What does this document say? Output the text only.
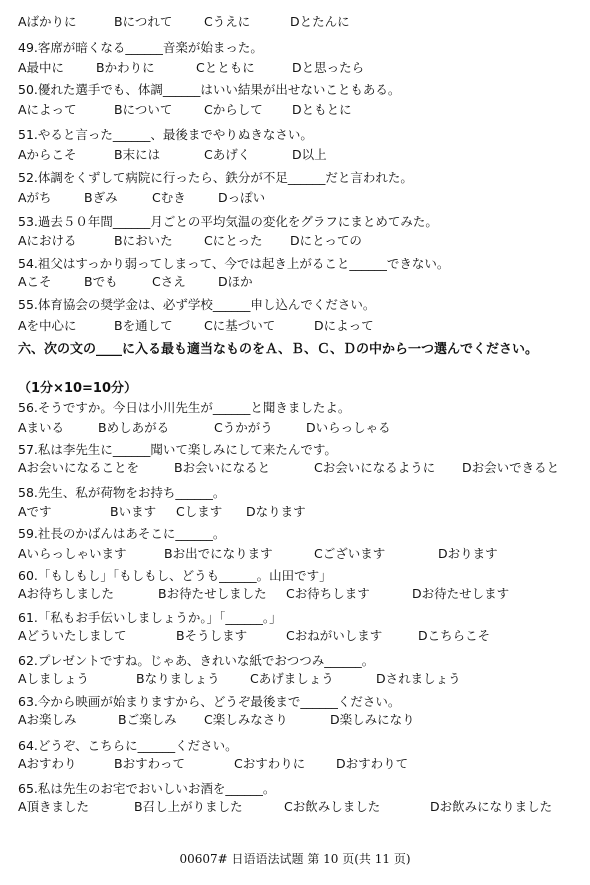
Aばかりに	Bにつれて	Cうえに	Dとたんに
49.客席が暗くなる______音楽が始まった。
A最中に	Bかわりに	Cとともに	Dと思ったら
50.優れた選手でも、体調______はいい結果が出せないこともある。
Aによって	Bについて	Cからして Dともとに
51.やると言った______、最後までやりぬきなさい。
Aからこそ	B末には	Cあげく	D以上
52.体調をくずして病院に行ったら、鉄分が不足______だと言われた。
Aがち	Bぎみ	Cむき	Dっぽい
53.過去５０年間______月ごとの平均気温の変化をグラフにまとめてみた。
Aにおける	Bにおいた	Cにとった Dにとっての
54.祖父はすっかり弱ってしまって、今では起き上がること______できない。
Aこそ	Bでも	Cさえ	Dほか
55.体育協会の奨学金は、必ず学校______申し込んでください。
Aを中心に	Bを通して	Cに基づいて	Dによって
六、次の文の____に入る最も適当なものをＡ、Ｂ、Ｃ、Ｄの中から一つ選んでください。
（1分×10=10分）
56.そうですか。今日は小川先生が______と聞きましたよ。
Aまいる	Bめしあがる	Cうかがう	Dいらっしゃる
57.私は李先生に______聞いて楽しみにして来たんです。
Aお会いになることを	Bお会いになると	Cお会いになるように Dお会いできると
58.先生、私が荷物をお持ち______。
Aです	Bいます Cします Dなります
59.社長のかばんはあそこに______。
Aいらっしゃいます	Bお出でになります	Cございます	Dおります
60.「もしもし」「もしもし、どうも______。山田です」
Aお待ちしました	Bお待たせしました Cお待ちします	Dお待たせします
61.「私もお手伝いしましょうか。」「______。」
Aどういたしまして	Bそうします	Cおねがいします	Dこちらこそ
62.プレゼントですね。じゃあ、きれいな紙でおつつみ______。
Aしましょう	Bなりましょう Cあげましょう	Dされましょう
63.今から映画が始まりますから、どうぞ最後まで______ください。
Aお楽しみ	Bご楽しみ C楽しみなさり	D楽しみになり
64.どうぞ、こちらに______ください。
Aおすわり	Bおすわって	Cおすわりに Dおすわりて
65.私は先生のお宅でおいしいお酒を______。
A頂きました	B召し上がりました	Cお飲みしました	Dお飲みになりました
00607# 日语语法试题 第 10 页(共 11 页)
